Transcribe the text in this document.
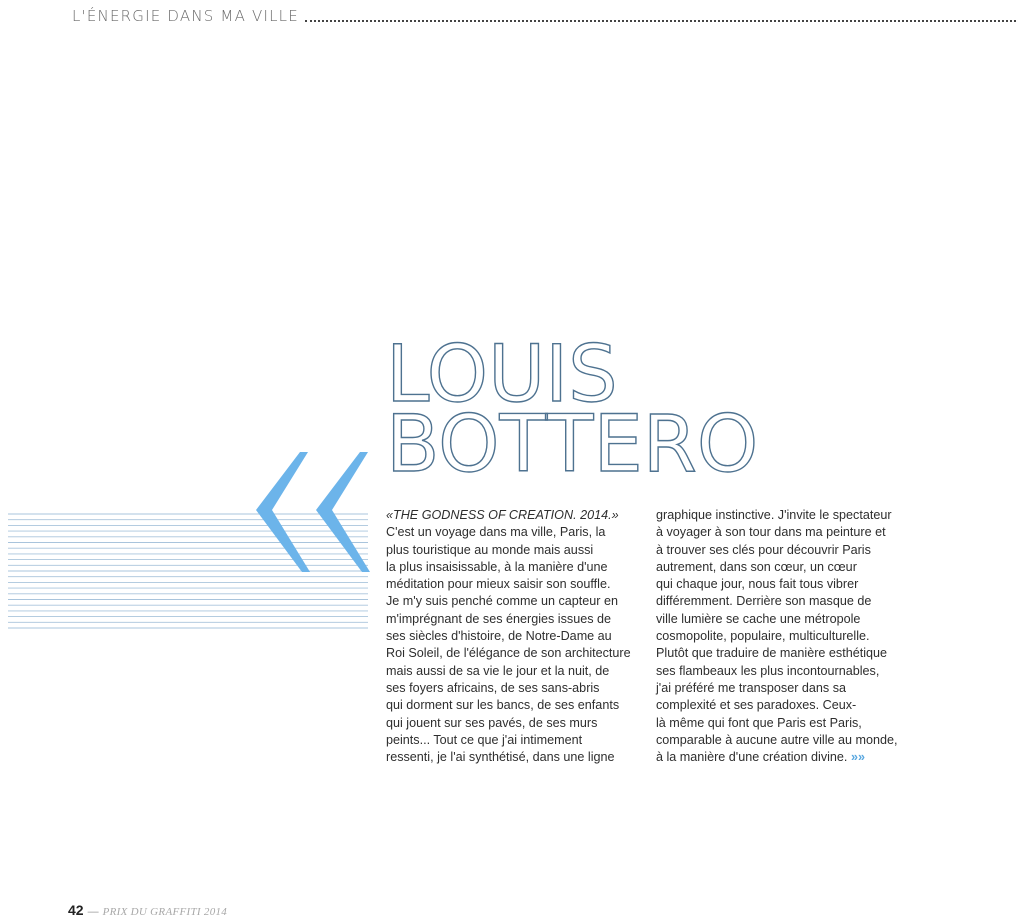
L'ÉNERGIE DANS MA VILLE
LOUIS
BOTTERO
«THE GODNESS OF CREATION. 2014.»

C'est un voyage dans ma ville, Paris, la
plus touristique au monde mais aussi
la plus insaisissable, à la manière d'une
méditation pour mieux saisir son souffle.
Je m'y suis penché comme un capteur en
m'imprégnant de ses énergies issues de
ses siècles d'histoire, de Notre-Dame au
Roi Soleil, de l'élégance de son architecture
mais aussi de sa vie le jour et la nuit, de
ses foyers africains, de ses sans-abris
qui dorment sur les bancs, de ses enfants
qui jouent sur ses pavés, de ses murs
peints... Tout ce que j'ai intimement
ressenti, je l'ai synthétisé, dans une ligne

graphique instinctive. J'invite le spectateur
à voyager à son tour dans ma peinture et
à trouver ses clés pour découvrir Paris
autrement, dans son cœur, un cœur
qui chaque jour, nous fait tous vibrer
différemment. Derrière son masque de
ville lumière se cache une métropole
cosmopolite, populaire, multiculturelle.
Plutôt que traduire de manière esthétique
ses flambeaux les plus incontournables,
j'ai préféré me transposer dans sa
complexité et ses paradoxes. Ceux-
là même qui font que Paris est Paris,
comparable à aucune autre ville au monde,
à la manière d'une création divine. »»

42 — PRIX DU GRAFFITI 2014
